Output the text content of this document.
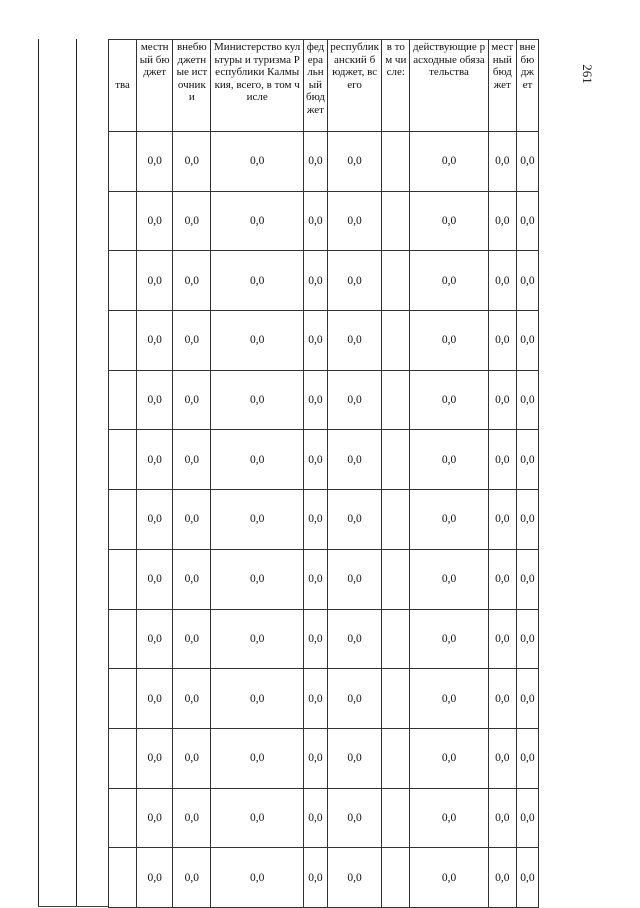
261
тва	местный бюджет	внебюджетные источники	Министерство культуры и туризма Республики Калмыкия, всего, в том числе	федеральный бюджет	республиканский бюджет, всего	в том числе:	действующие расходные обязательства	местный бюджет	внебюджет
	0,0	0,0	0,0	0,0	0,0		0,0	0,0	0,0
	0,0	0,0	0,0	0,0	0,0		0,0	0,0	0,0
	0,0	0,0	0,0	0,0	0,0		0,0	0,0	0,0
	0,0	0,0	0,0	0,0	0,0		0,0	0,0	0,0
	0,0	0,0	0,0	0,0	0,0		0,0	0,0	0,0
	0,0	0,0	0,0	0,0	0,0		0,0	0,0	0,0
	0,0	0,0	0,0	0,0	0,0		0,0	0,0	0,0
	0,0	0,0	0,0	0,0	0,0		0,0	0,0	0,0
	0,0	0,0	0,0	0,0	0,0		0,0	0,0	0,0
	0,0	0,0	0,0	0,0	0,0		0,0	0,0	0,0
	0,0	0,0	0,0	0,0	0,0		0,0	0,0	0,0
	0,0	0,0	0,0	0,0	0,0		0,0	0,0	0,0
	0,0	0,0	0,0	0,0	0,0		0,0	0,0	0,0
